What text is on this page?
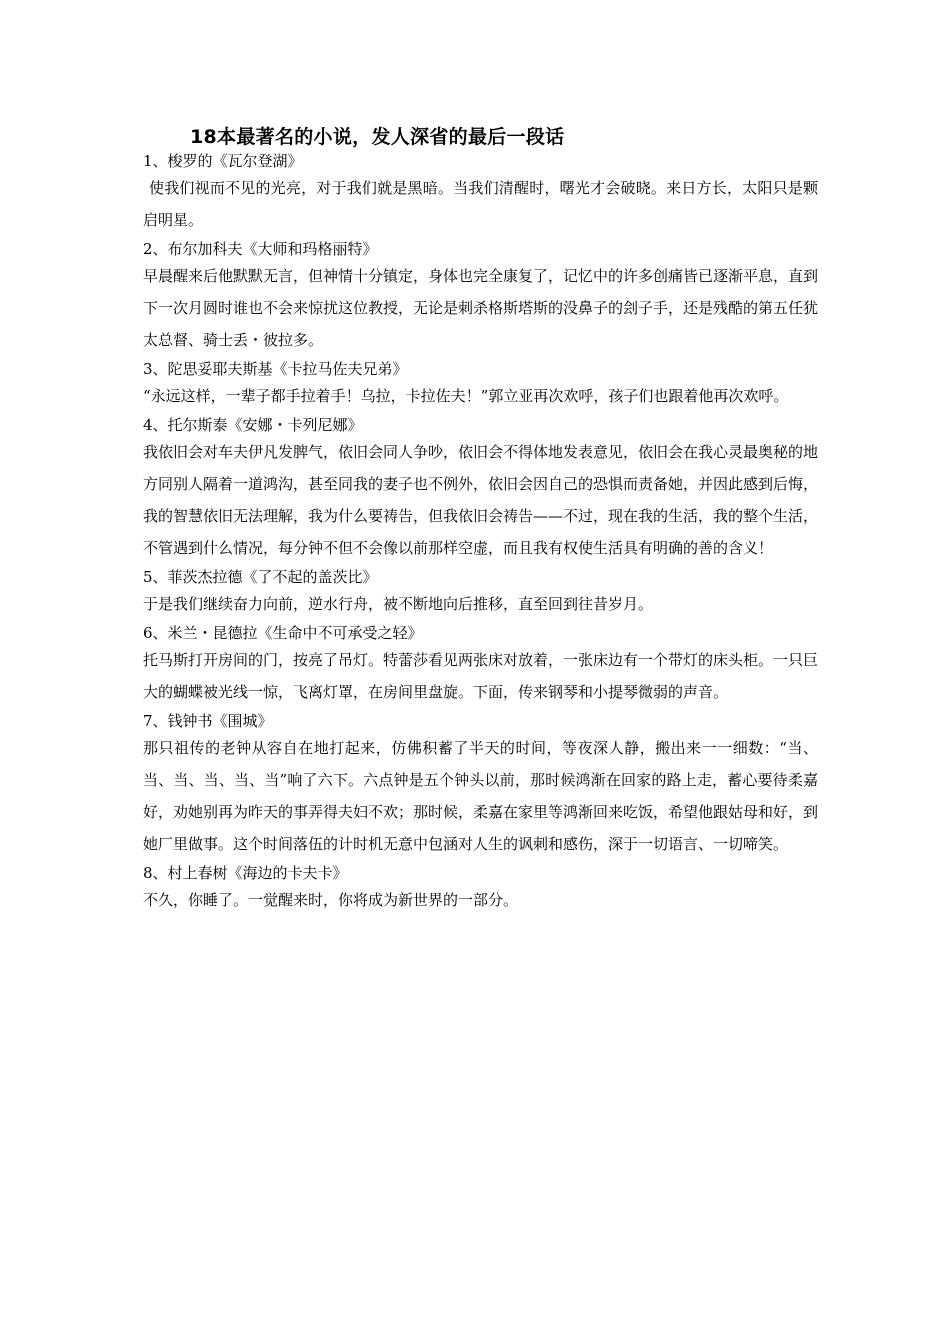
18本最著名的小说，发人深省的最后一段话

1、梭罗的《瓦尔登湖》

使我们视而不见的光亮，对于我们就是黑暗。当我们清醒时，曙光才会破晓。来日方长，太阳只是颗启明星。

2、布尔加科夫《大师和玛格丽特》

早晨醒来后他默默无言，但神情十分镇定，身体也完全康复了，记忆中的许多创痛皆已逐渐平息，直到下一次月圆时谁也不会来惊扰这位教授，无论是刺杀格斯塔斯的没鼻子的刽子手，还是残酷的第五任犹太总督、骑士丢・彼拉多。

3、陀思妥耶夫斯基《卡拉马佐夫兄弟》

“永远这样，一辈子都手拉着手！乌拉，卡拉佐夫！”郭立亚再次欢呼，孩子们也跟着他再次欢呼。

4、托尔斯泰《安娜・卡列尼娜》

我依旧会对车夫伊凡发脾气，依旧会同人争吵，依旧会不得体地发表意见，依旧会在我心灵最奥秘的地方同别人隔着一道鸿沟，甚至同我的妻子也不例外，依旧会因自己的恐惧而责备她，并因此感到后悔，我的智慧依旧无法理解，我为什么要祷告，但我依旧会祷告——不过，现在我的生活，我的整个生活，不管遇到什么情况，每分钟不但不会像以前那样空虚，而且我有权使生活具有明确的善的含义！

5、菲茨杰拉德《了不起的盖茨比》

于是我们继续奋力向前，逆水行舟，被不断地向后推移，直至回到往昔岁月。

6、米兰・昆德拉《生命中不可承受之轻》

托马斯打开房间的门，按亮了吊灯。特蕾莎看见两张床对放着，一张床边有一个带灯的床头柜。一只巨大的蝴蝶被光线一惊，飞离灯罩，在房间里盘旋。下面，传来钢琴和小提琴微弱的声音。

7、钱钟书《围城》

那只祖传的老钟从容自在地打起来，仿佛积蓄了半天的时间，等夜深人静，搬出来一一细数：“当、当、当、当、当、当”响了六下。六点钟是五个钟头以前，那时候鸿渐在回家的路上走，蓄心要待柔嘉好，劝她别再为昨天的事弄得夫妇不欢；那时候，柔嘉在家里等鸿渐回来吃饭，希望他跟姑母和好，到她厂里做事。这个时间落伍的计时机无意中包涵对人生的讽刺和感伤，深于一切语言、一切啼笑。

8、村上春树《海边的卡夫卡》

不久，你睡了。一觉醒来时，你将成为新世界的一部分。
